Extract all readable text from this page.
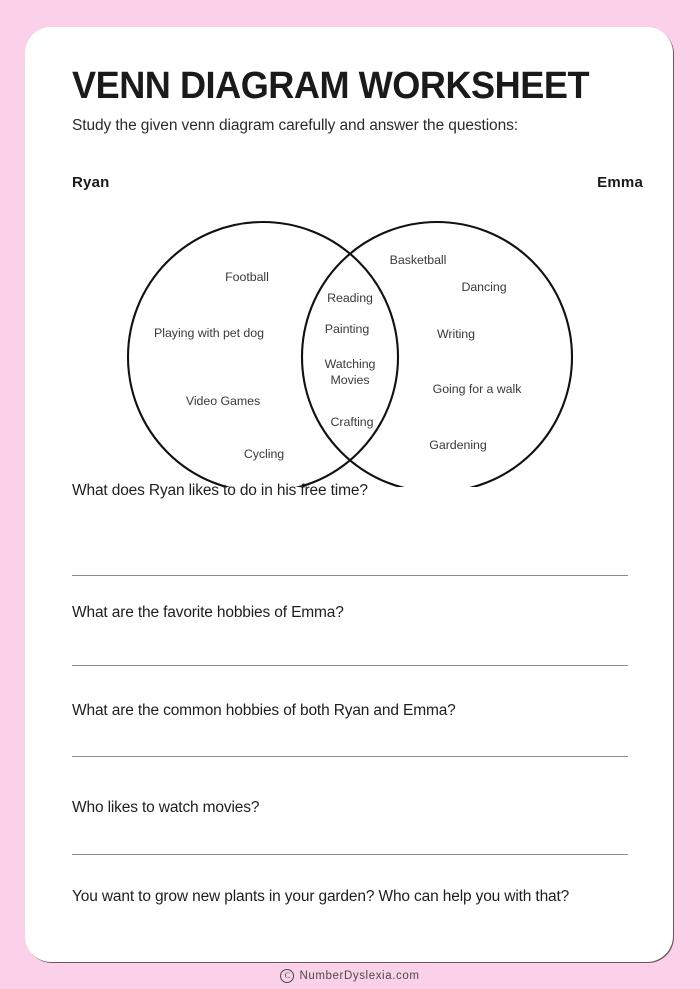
VENN DIAGRAM WORKSHEET
Study the given venn diagram carefully and answer the questions:
Ryan	Emma
Football
Playing with pet dog
Video Games
Cycling
Reading
Painting
Watching Movies
Crafting
Basketball
Dancing
Writing
Going for a walk
Gardening
What does Ryan likes to do in his free time?
What are the favorite hobbies of Emma?
What are the common hobbies of both Ryan and Emma?
Who likes to watch movies?
You want to grow new plants in your garden? Who can help you with that?
C NumberDyslexia.com
